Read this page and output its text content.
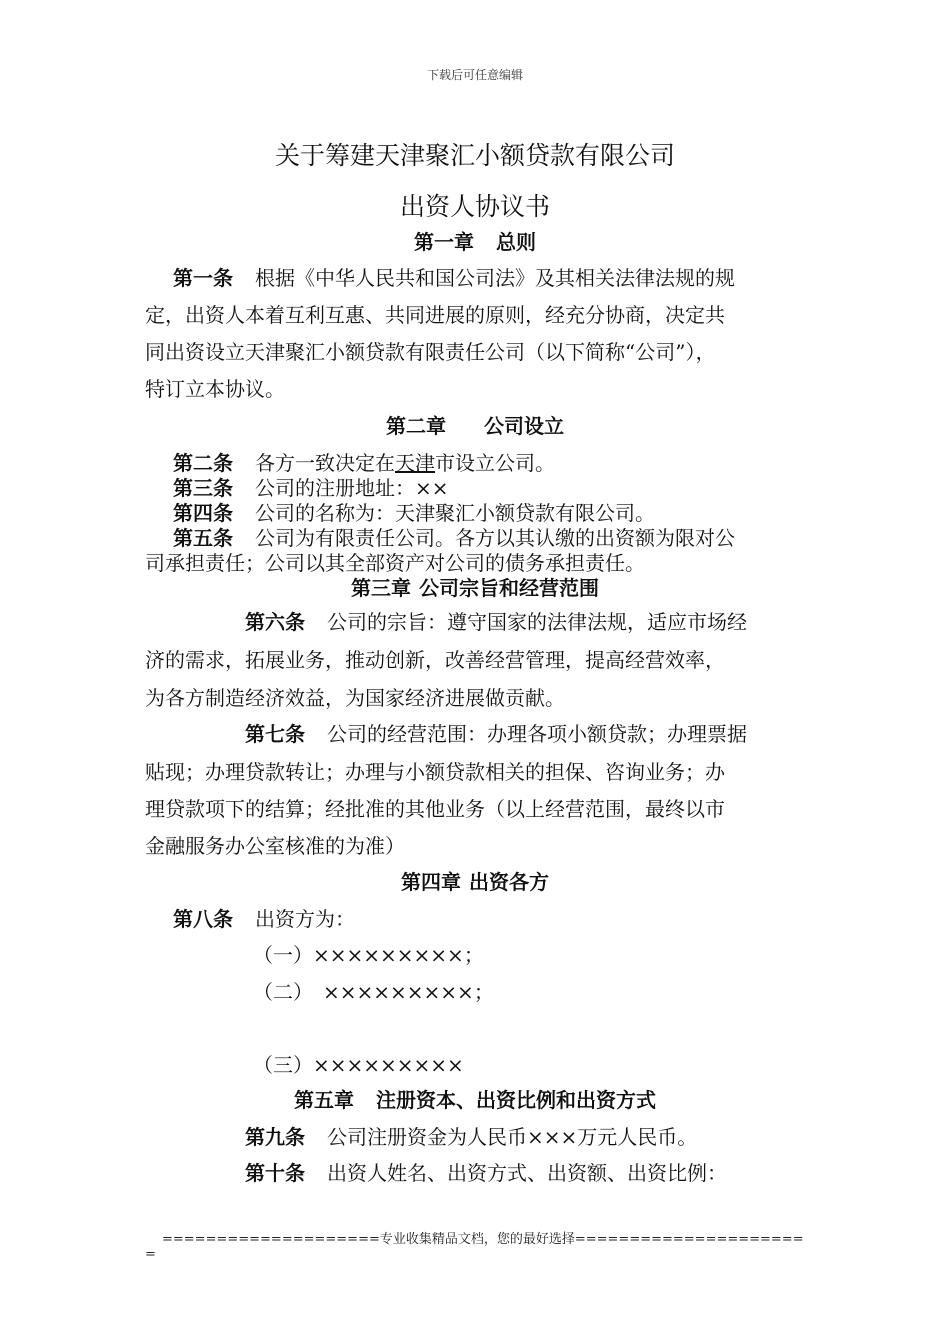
下载后可任意编辑
关于筹建天津聚汇小额贷款有限公司
出资人协议书
第一章 总则
第一条 根据《中华人民共和国公司法》及其相关法律法规的规
定，出资人本着互利互惠、共同进展的原则，经充分协商，决定共
同出资设立天津聚汇小额贷款有限责任公司（以下简称“公司”），
特订立本协议。
第二章 公司设立
第二条 各方一致决定在天津市设立公司。
第三条 公司的注册地址：××
第四条 公司的名称为：天津聚汇小额贷款有限公司。
第五条 公司为有限责任公司。各方以其认缴的出资额为限对公
司承担责任；公司以其全部资产对公司的债务承担责任。
第三章 公司宗旨和经营范围
第六条 公司的宗旨：遵守国家的法律法规，适应市场经
济的需求，拓展业务，推动创新，改善经营管理，提高经营效率，
为各方制造经济效益，为国家经济进展做贡献。
第七条 公司的经营范围：办理各项小额贷款；办理票据
贴现；办理贷款转让；办理与小额贷款相关的担保、咨询业务；办
理贷款项下的结算；经批准的其他业务（以上经营范围，最终以市
金融服务办公室核准的为准）
第四章 出资各方
第八条 出资方为：
（一）×××××××××；
（二）　×××××××××；
（三）×××××××××
第五章 注册资本、出资比例和出资方式
第九条 公司注册资金为人民币×××万元人民币。
第十条 出资人姓名、出资方式、出资额、出资比例：
====================专业收集精品文档，您的最好选择=====================
=
